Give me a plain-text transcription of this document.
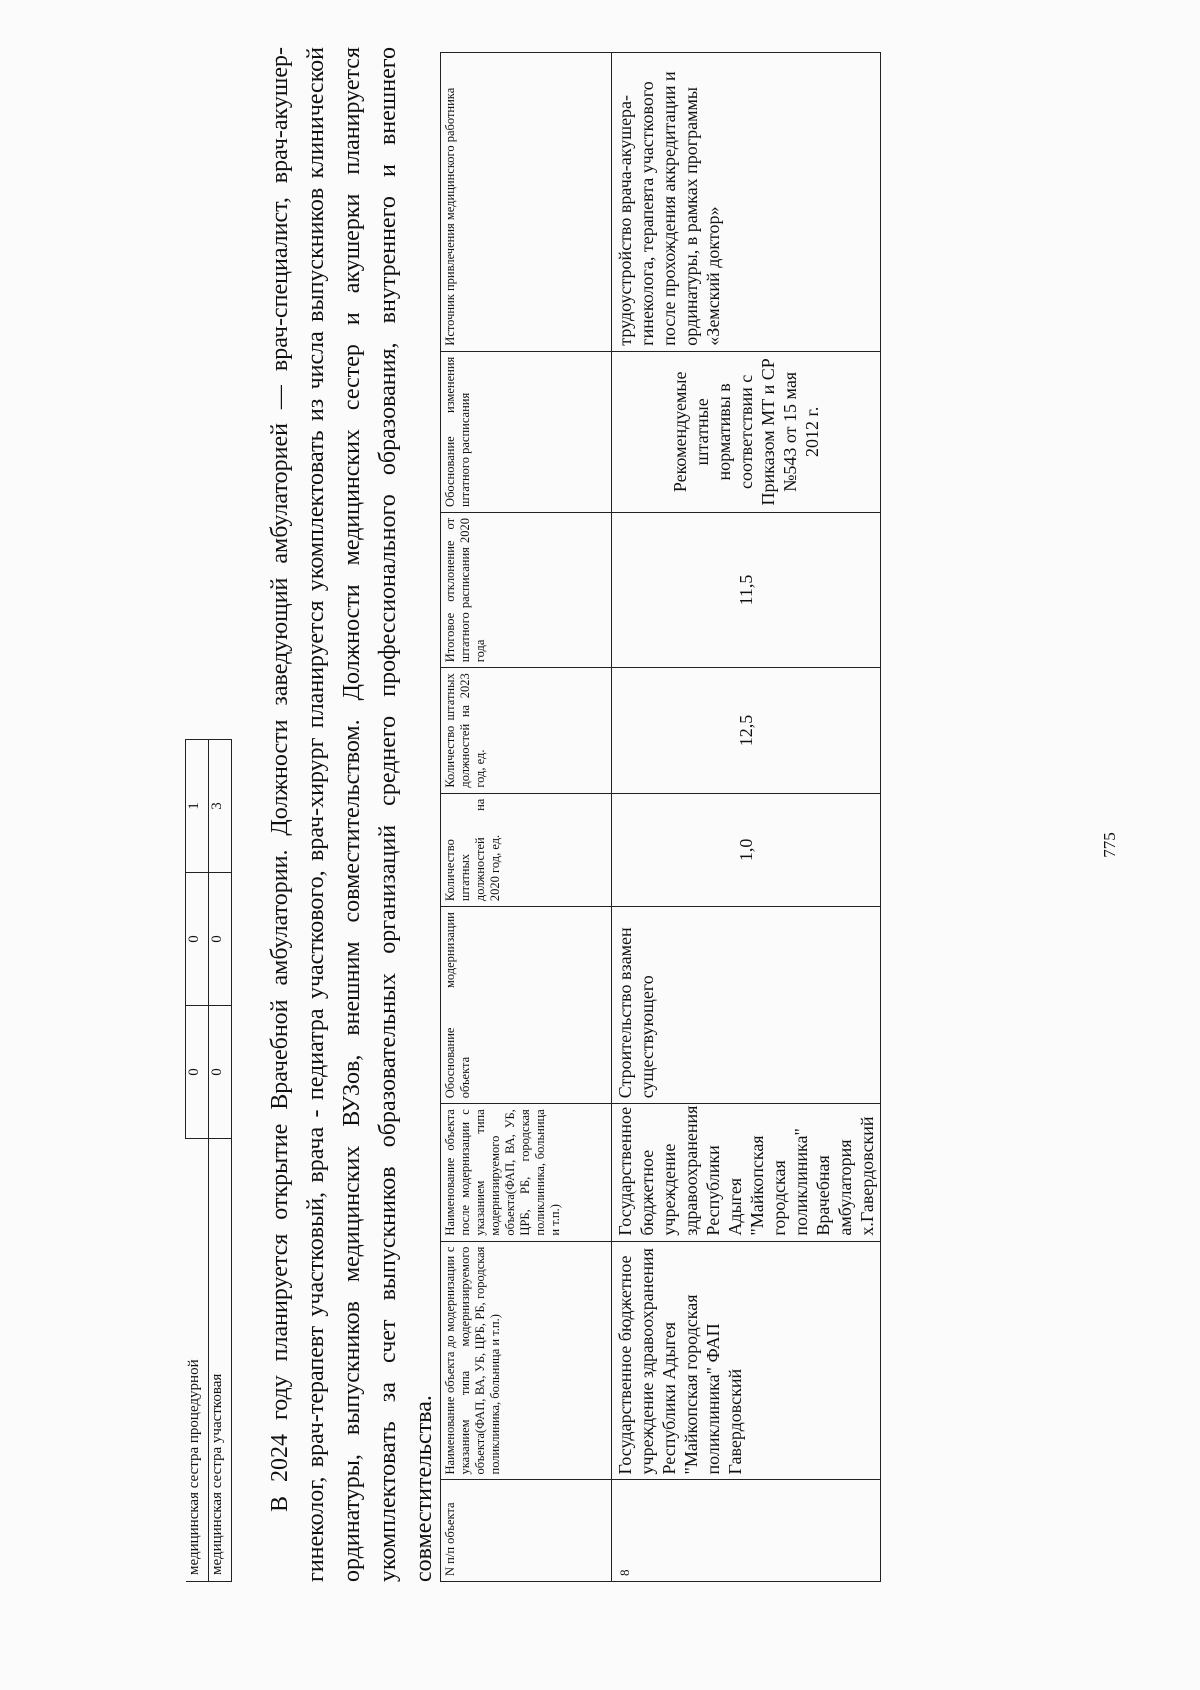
медицинская сестра процедурной	0	0	1
медицинская сестра участковая	0	0	3 В 2024 году планируется открытие Врачебной амбулатории. Должности заведующий амбулаторией — врач-специалист, врач-акушер-гинеколог, врач-терапевт участковый, врача - педиатра участкового, врач-хирург планируется укомплектовать из числа выпускников клинической ординатуры, выпускников медицинских ВУЗов, внешним совместительством. Должности медицинских сестер и акушерки планируется укомплектовать за счет выпускников образовательных организаций среднего профессионального образования, внутреннего и внешнего совместительства. N п/п объекта	Наименование объекта до модернизации с указанием типа модернизируемого объекта(ФАП, ВА, УБ, ЦРБ, РБ, городская поликлиника, больница и т.п.)	Наименование объекта после модернизации с указанием типа модернизируемого объекта(ФАП, ВА, УБ, ЦРБ, РБ, городская поликлиника, больница и т.п.)	Обоснование модернизации объекта	Количество штатных должностей на 2020 год, ед.	Количество штатных должностей на 2023 год, ед.	Итоговое отклонение от штатного расписания 2020 года	Обоснование изменения штатного расписания	Источник привлечения медицинского работника
8	Государственное бюджетное учреждение здравоохранения Республики Адыгея "Майкопская городская поликлиника" ФАП Гавердовский	Государственное бюджетное учреждение здравоохранения Республики Адыгея "Майкопская городская поликлиника" Врачебная амбулатория х.Гавердовский	Строительство взамен существующего	1,0	12,5	11,5	Рекомендуемые штатные нормативы в соответствии с Приказом МТ и СР №543 от 15 мая 2012 г.	трудоустройство врача-акушера-гинеколога, терапевта участкового после прохождения аккредитации и ординатуры, в рамках программы «Земский доктор»
775
